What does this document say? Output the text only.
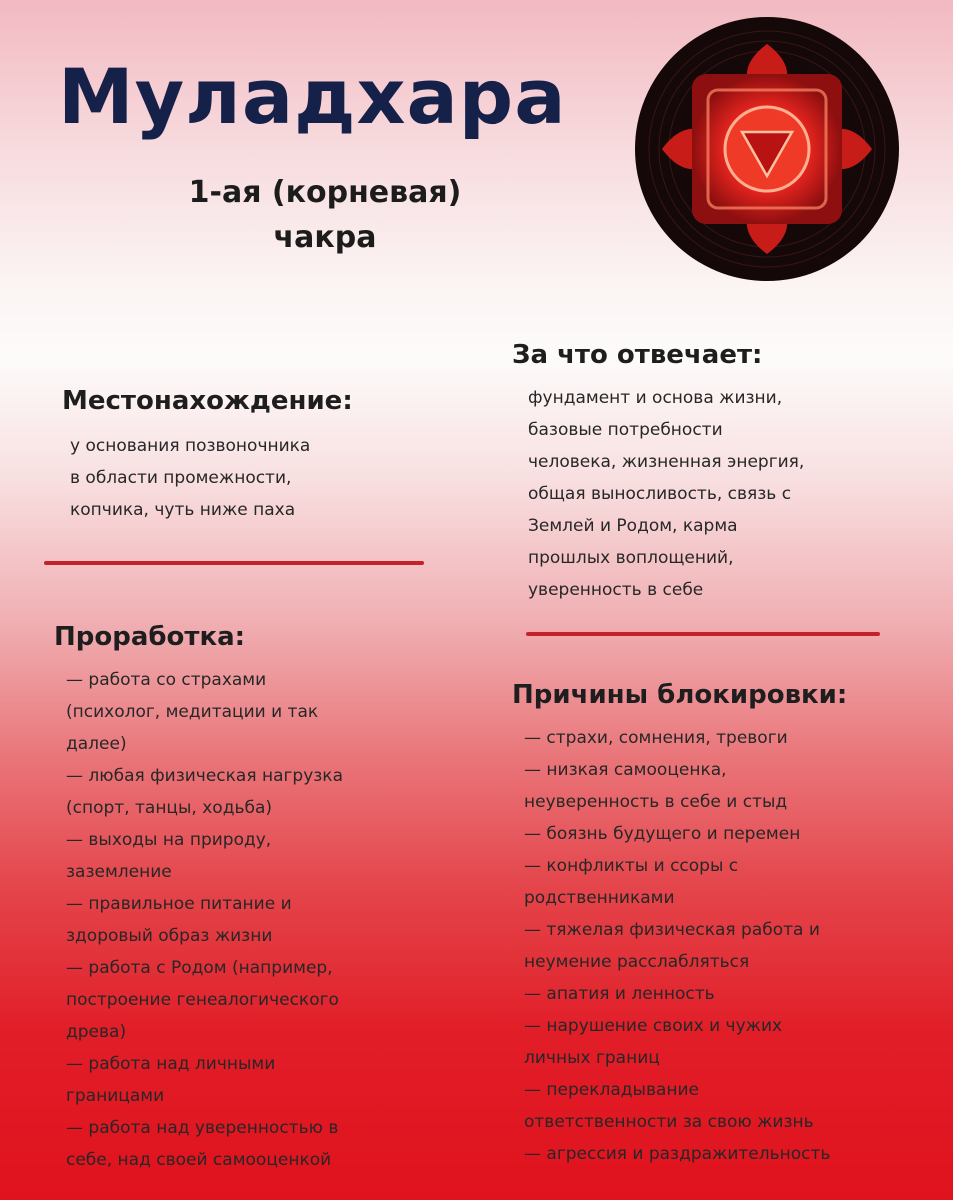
Муладхара
1-ая (корневая)
чакра
За что отвечает:
фундамент и основа жизни,
базовые потребности
человека, жизненная энергия,
общая выносливость, связь с
Землей и Родом, карма
прошлых воплощений,
уверенность в себе
Местонахождение:
у основания позвоночника
в области промежности,
копчика, чуть ниже паха
Проработка:
— работа со страхами
(психолог, медитации и так
далее)
— любая физическая нагрузка
(спорт, танцы, ходьба)
— выходы на природу,
заземление
— правильное питание и
здоровый образ жизни
— работа с Родом (например,
построение генеалогического
древа)
— работа над личными
границами
— работа над уверенностью в
себе, над своей самооценкой
Причины блокировки:
— страхи, сомнения, тревоги
— низкая самооценка,
неуверенность в себе и стыд
— боязнь будущего и перемен
— конфликты и ссоры с
родственниками
— тяжелая физическая работа и
неумение расслабляться
— апатия и ленность
— нарушение своих и чужих
личных границ
— перекладывание
ответственности за свою жизнь
— агрессия и раздражительность
